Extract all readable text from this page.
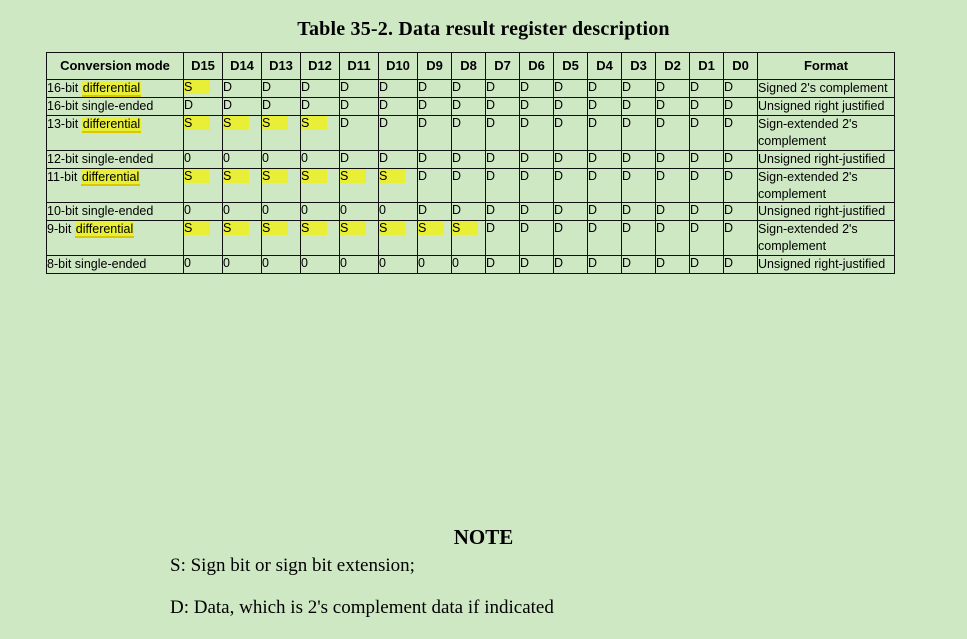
Table 35-2. Data result register description
Conversion mode	D15	D14	D13	D12	D11	D10	D9	D8	D7	D6	D5	D4	D3	D2	D1	D0	Format
16-bit differential	S	D	D	D	D	D	D	D	D	D	D	D	D	D	D	D	Signed 2's complement
16-bit single-ended	D	D	D	D	D	D	D	D	D	D	D	D	D	D	D	D	Unsigned right justified
13-bit differential	S	S	S	S	D	D	D	D	D	D	D	D	D	D	D	D	Sign-extended 2's complement
12-bit single-ended	0	0	0	0	D	D	D	D	D	D	D	D	D	D	D	D	Unsigned right-justified
11-bit differential	S	S	S	S	S	S	D	D	D	D	D	D	D	D	D	D	Sign-extended 2's complement
10-bit single-ended	0	0	0	0	0	0	D	D	D	D	D	D	D	D	D	D	Unsigned right-justified
9-bit differential	S	S	S	S	S	S	S	S	D	D	D	D	D	D	D	D	Sign-extended 2's complement
8-bit single-ended	0	0	0	0	0	0	0	0	D	D	D	D	D	D	D	D	Unsigned right-justified
NOTE
S: Sign bit or sign bit extension;
D: Data, which is 2's complement data if indicated
